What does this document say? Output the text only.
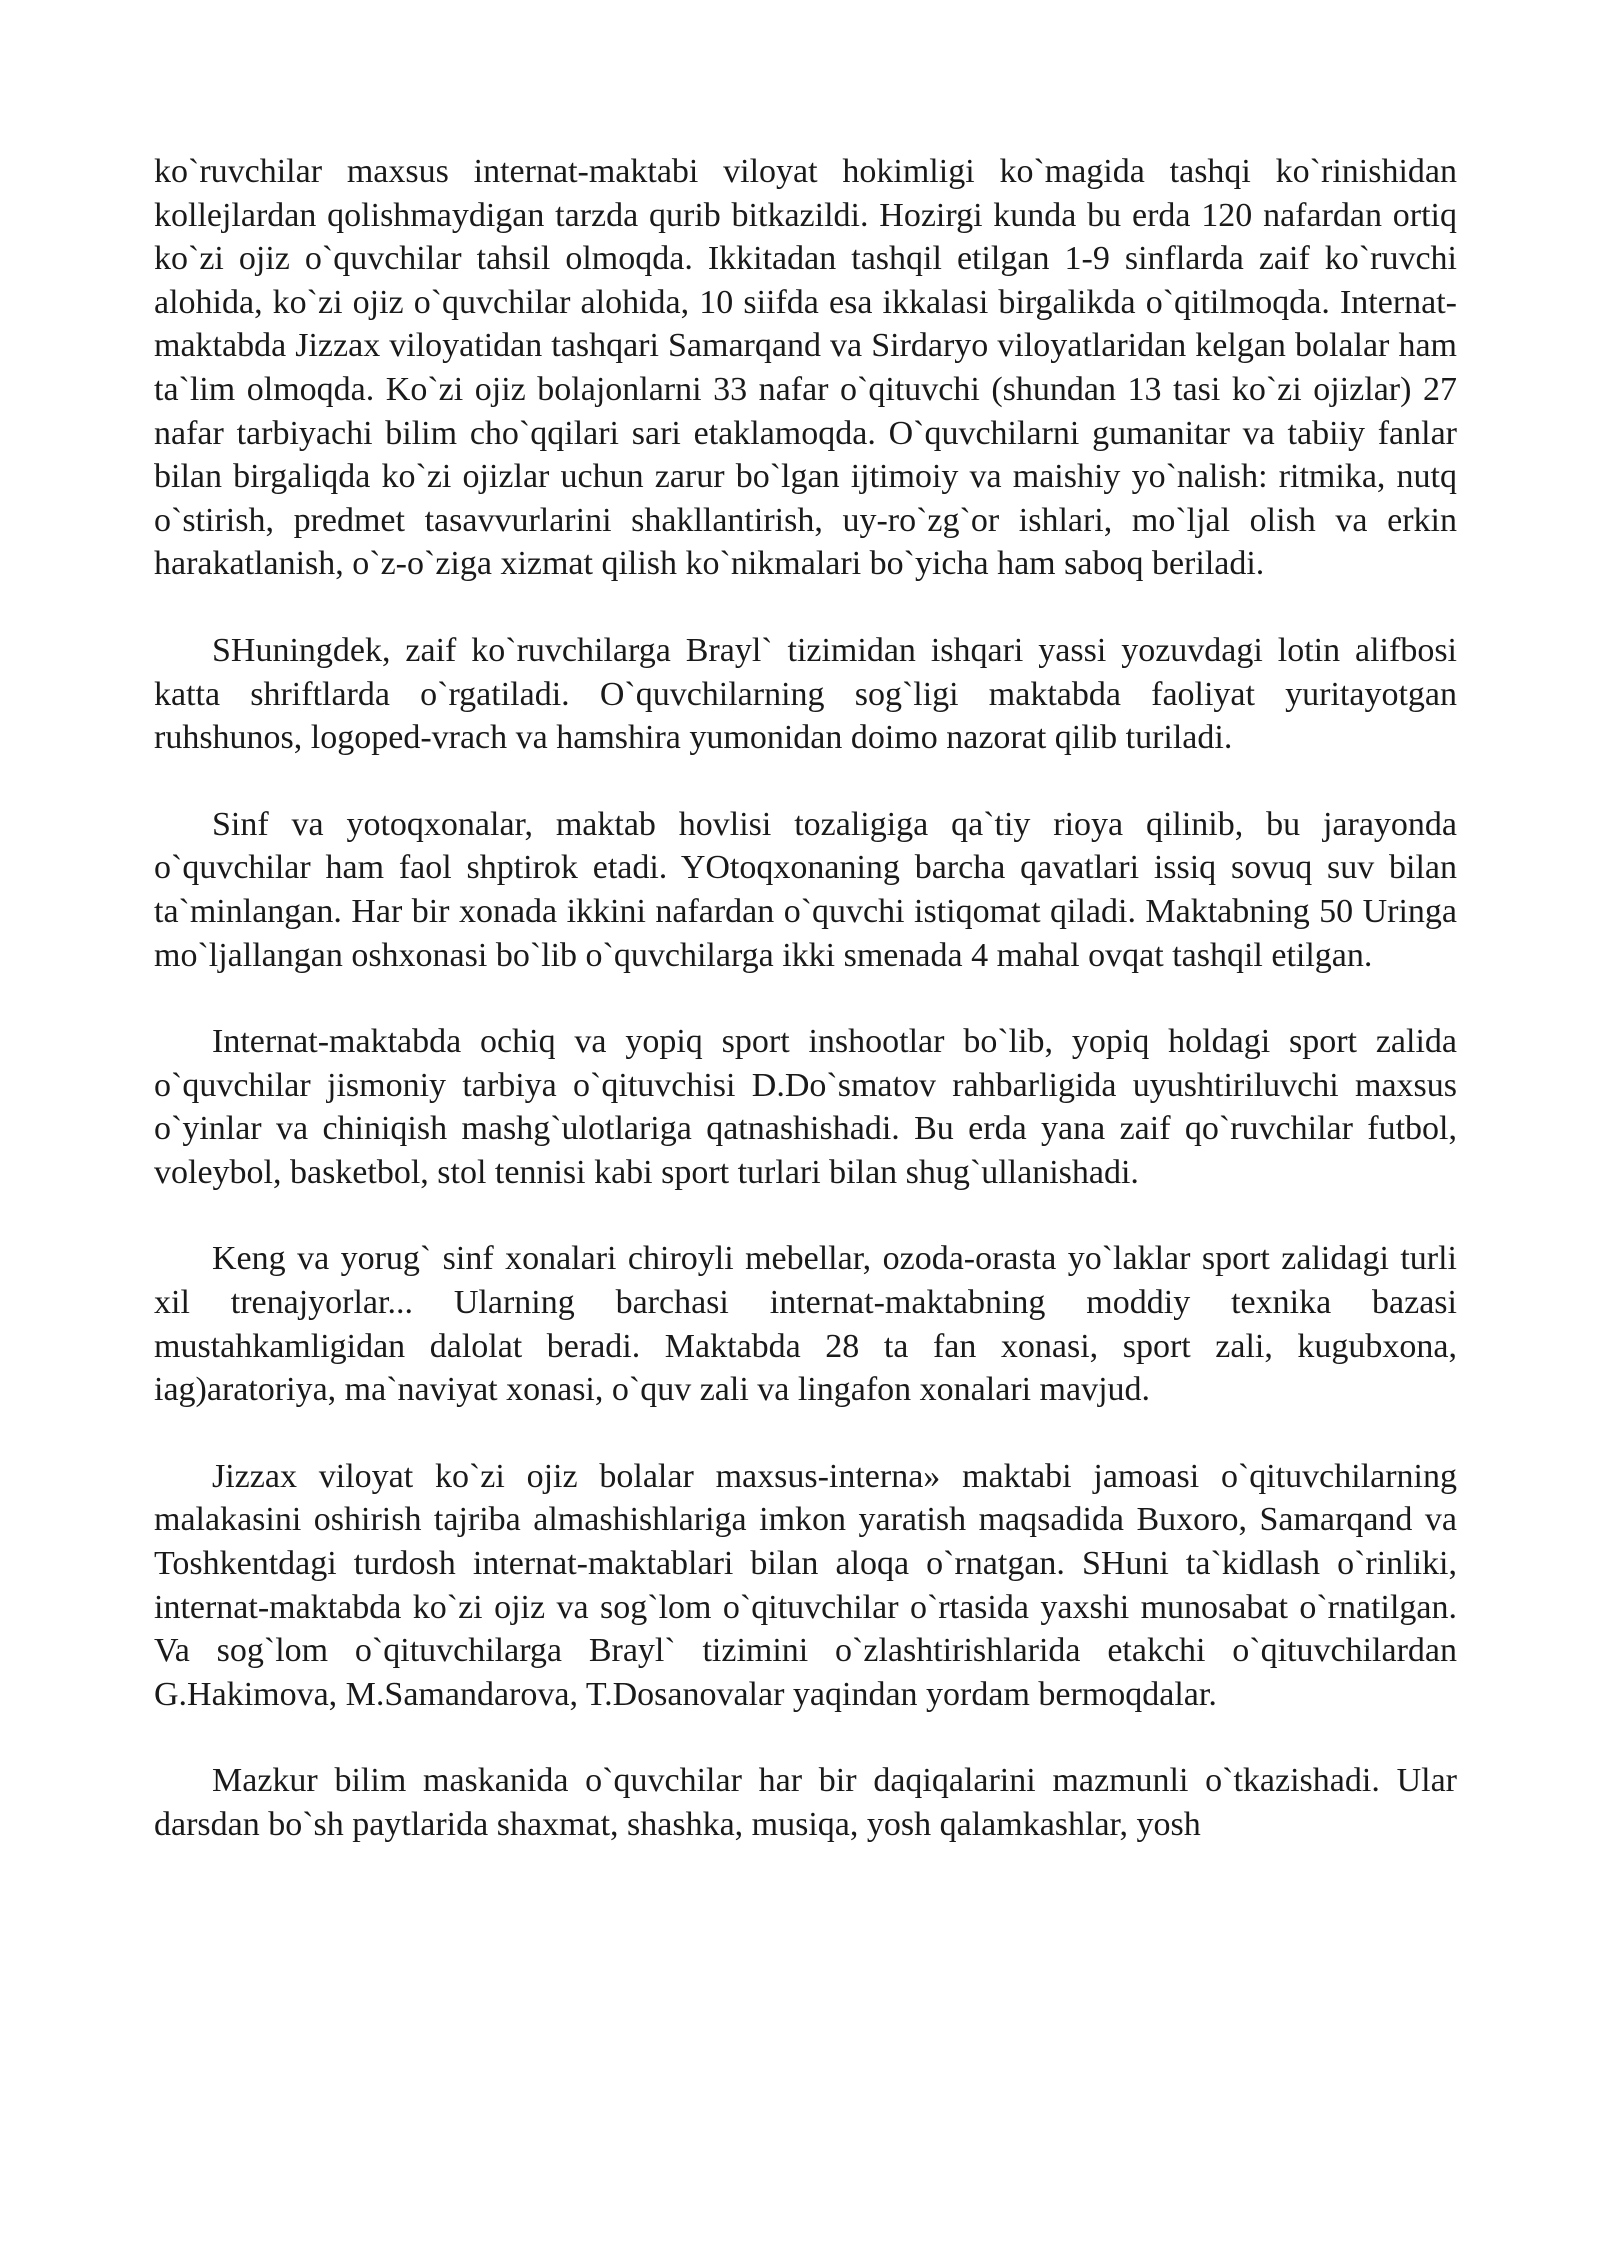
ko`ruvchilar maxsus internat-maktabi viloyat hokimligi ko`magida tashqi ko`rinishidan kollejlardan qolishmaydigan tarzda qurib bitkazildi. Hozirgi kunda bu erda 120 nafardan ortiq ko`zi ojiz o`quvchilar tahsil olmoqda. Ikkitadan tashqil etilgan 1-9 sinflarda zaif ko`ruvchi alohida, ko`zi ojiz o`quvchilar alohida, 10 siifda esa ikkalasi birgalikda o`qitilmoqda. Internat-maktabda Jizzax viloyatidan tashqari Samarqand va Sirdaryo viloyatlaridan kelgan bolalar ham ta`lim olmoqda. Ko`zi ojiz bolajonlarni 33 nafar o`qituvchi (shundan 13 tasi ko`zi ojizlar) 27 nafar tarbiyachi bilim cho`qqilari sari etaklamoqda. O`quvchilarni gumanitar va tabiiy fanlar bilan birgaliqda ko`zi ojizlar uchun zarur bo`lgan ijtimoiy va maishiy yo`nalish: ritmika, nutq o`stirish, predmet tasavvurlarini shakllantirish, uy-ro`zg`or ishlari, mo`ljal olish va erkin harakatlanish, o`z-o`ziga xizmat qilish ko`nikmalari bo`yicha ham saboq beriladi.

SHuningdek, zaif ko`ruvchilarga Brayl` tizimidan ishqari yassi yozuvdagi lotin alifbosi katta shriftlarda o`rgatiladi. O`quvchilarning sog`ligi maktabda faoliyat yuritayotgan ruhshunos, logoped-vrach va hamshira yumonidan doimo nazorat qilib turiladi.

Sinf va yotoqxonalar, maktab hovlisi tozaligiga qa`tiy rioya qilinib, bu jarayonda o`quvchilar ham faol shptirok etadi. YOtoqxonaning barcha qavatlari issiq sovuq suv bilan ta`minlangan. Har bir xonada ikkini nafardan o`quvchi istiqomat qiladi. Maktabning 50 Uringa mo`ljallangan oshxonasi bo`lib o`quvchilarga ikki smenada 4 mahal ovqat tashqil etilgan.

Internat-maktabda ochiq va yopiq sport inshootlar bo`lib, yopiq holdagi sport zalida o`quvchilar jismoniy tarbiya o`qituvchisi D.Do`smatov rahbarligida uyushtiriluvchi maxsus o`yinlar va chiniqish mashg`ulotlariga qatnashishadi. Bu erda yana zaif qo`ruvchilar futbol, voleybol, basketbol, stol tennisi kabi sport turlari bilan shug`ullanishadi.

Keng va yorug` sinf xonalari chiroyli mebellar, ozoda-orasta yo`laklar sport zalidagi turli xil trenajyorlar... Ularning barchasi internat-maktabning moddiy texnika bazasi mustahkamligidan dalolat beradi. Maktabda 28 ta fan xonasi, sport zali, kugubxona, iag)aratoriya, ma`naviyat xonasi, o`quv zali va lingafon xonalari mavjud.

Jizzax viloyat ko`zi ojiz bolalar maxsus-interna» maktabi jamoasi o`qituvchilarning malakasini oshirish tajriba almashishlariga imkon yaratish maqsadida Buxoro, Samarqand va Toshkentdagi turdosh internat-maktablari bilan aloqa o`rnatgan. SHuni ta`kidlash o`rinliki, internat-maktabda ko`zi ojiz va sog`lom o`qituvchilar o`rtasida yaxshi munosabat o`rnatilgan. Va sog`lom o`qituvchilarga Brayl` tizimini o`zlashtirishlarida etakchi o`qituvchilardan G.Hakimova, M.Samandarova, T.Dosanovalar yaqindan yordam bermoqdalar.

Mazkur bilim maskanida o`quvchilar har bir daqiqalarini mazmunli o`tkazishadi. Ular darsdan bo`sh paytlarida shaxmat, shashka, musiqa, yosh qalamkashlar, yosh
